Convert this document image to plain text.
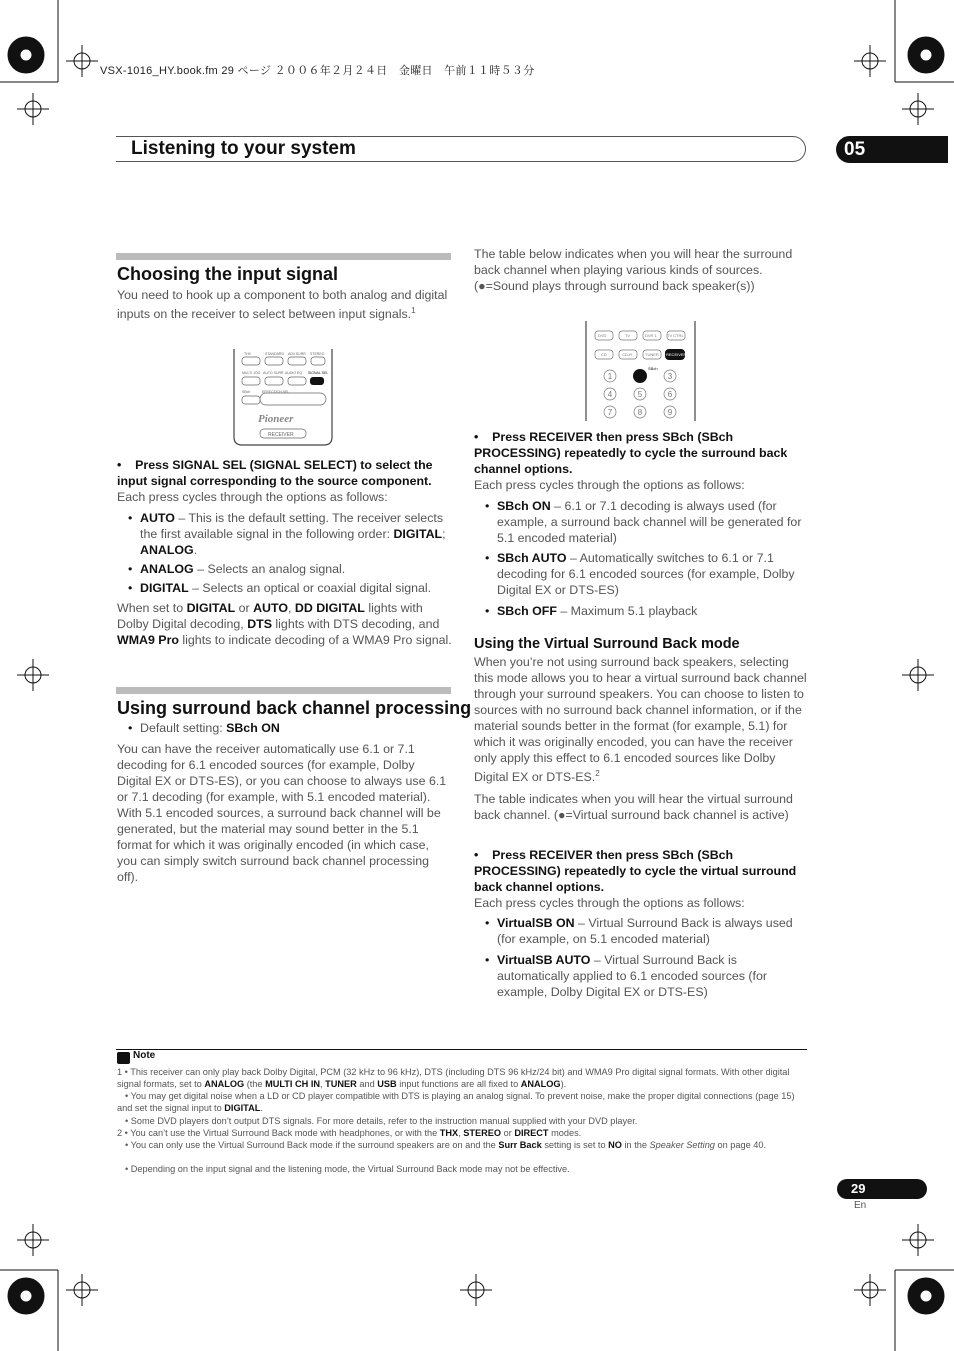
VSX-1016_HY.book.fm 29 ページ ２００６年２月２４日　金曜日　午前１１時５３分
Listening to your system	05
Choosing the input signal
You need to hook up a component to both analog and digital inputs on the receiver to select between input signals.$^1$
THX	STANDARD ADV.SURR STEREO
MULTI JOG AUTO SURR AUDIO EQ SIGNAL SEL
SBch	EFFECT/CH SEL
Pioneer
RECEIVER
•    Press SIGNAL SEL (SIGNAL SELECT) to select the input signal corresponding to the source component.
Each press cycles through the options as follows:
• AUTO – This is the default setting. The receiver selects the first available signal in the following order: DIGITAL; ANALOG.
• ANALOG – Selects an analog signal.
• DIGITAL – Selects an optical or coaxial digital signal.
When set to DIGITAL or AUTO, DD DIGITAL lights with Dolby Digital decoding, DTS lights with DTS decoding, and WMA9 Pro lights to indicate decoding of a WMA9 Pro signal.
Using surround back channel processing
• Default setting: SBch ON
You can have the receiver automatically use 6.1 or 7.1 decoding for 6.1 encoded sources (for example, Dolby Digital EX or DTS-ES), or you can choose to always use 6.1 or 7.1 decoding (for example, with 5.1 encoded material). With 5.1 encoded sources, a surround back channel will be generated, but the material may sound better in the 5.1 format for which it was originally encoded (in which case, you can simply switch surround back channel processing off).
The table below indicates when you will hear the surround back channel when playing various kinds of sources. (●=Sound plays through surround back speaker(s))
DVD	TV	DVR 1	TV CTRL
CD	CD-R	TUNER RECEIVER
SBch
1	3
4	5	6
7	8	9
•    Press RECEIVER then press SBch (SBch PROCESSING) repeatedly to cycle the surround back channel options.
Each press cycles through the options as follows:
• SBch ON – 6.1 or 7.1 decoding is always used (for example, a surround back channel will be generated for 5.1 encoded material)
• SBch AUTO – Automatically switches to 6.1 or 7.1 decoding for 6.1 encoded sources (for example, Dolby Digital EX or DTS-ES)
• SBch OFF – Maximum 5.1 playback
Using the Virtual Surround Back mode
When you’re not using surround back speakers, selecting this mode allows you to hear a virtual surround back channel through your surround speakers. You can choose to listen to sources with no surround back channel information, or if the material sounds better in the format (for example, 5.1) for which it was originally encoded, you can have the receiver only apply this effect to 6.1 encoded sources like Dolby Digital EX or DTS-ES.$^2$
The table indicates when you will hear the virtual surround back channel. (●=Virtual surround back channel is active)
•    Press RECEIVER then press SBch (SBch PROCESSING) repeatedly to cycle the virtual surround back channel options.
Each press cycles through the options as follows:
• VirtualSB ON – Virtual Surround Back is always used (for example, on 5.1 encoded material)
• VirtualSB AUTO – Virtual Surround Back is automatically applied to 6.1 encoded sources (for example, Dolby Digital EX or DTS-ES)
Note
1 • This receiver can only play back Dolby Digital, PCM (32 kHz to 96 kHz), DTS (including DTS 96 kHz/24 bit) and WMA9 Pro digital signal formats. With other digital signal formats, set to ANALOG (the MULTI CH IN, TUNER and USB input functions are all fixed to ANALOG).
• You may get digital noise when a LD or CD player compatible with DTS is playing an analog signal. To prevent noise, make the proper digital connections (page 15) and set the signal input to DIGITAL.
• Some DVD players don’t output DTS signals. For more details, refer to the instruction manual supplied with your DVD player.
2 • You can’t use the Virtual Surround Back mode with headphones, or with the THX, STEREO or DIRECT modes.
• You can only use the Virtual Surround Back mode if the surround speakers are on and the Surr Back setting is set to NO in the Speaker Setting on page 40.
• Depending on the input signal and the listening mode, the Virtual Surround Back mode may not be effective.
29
En
